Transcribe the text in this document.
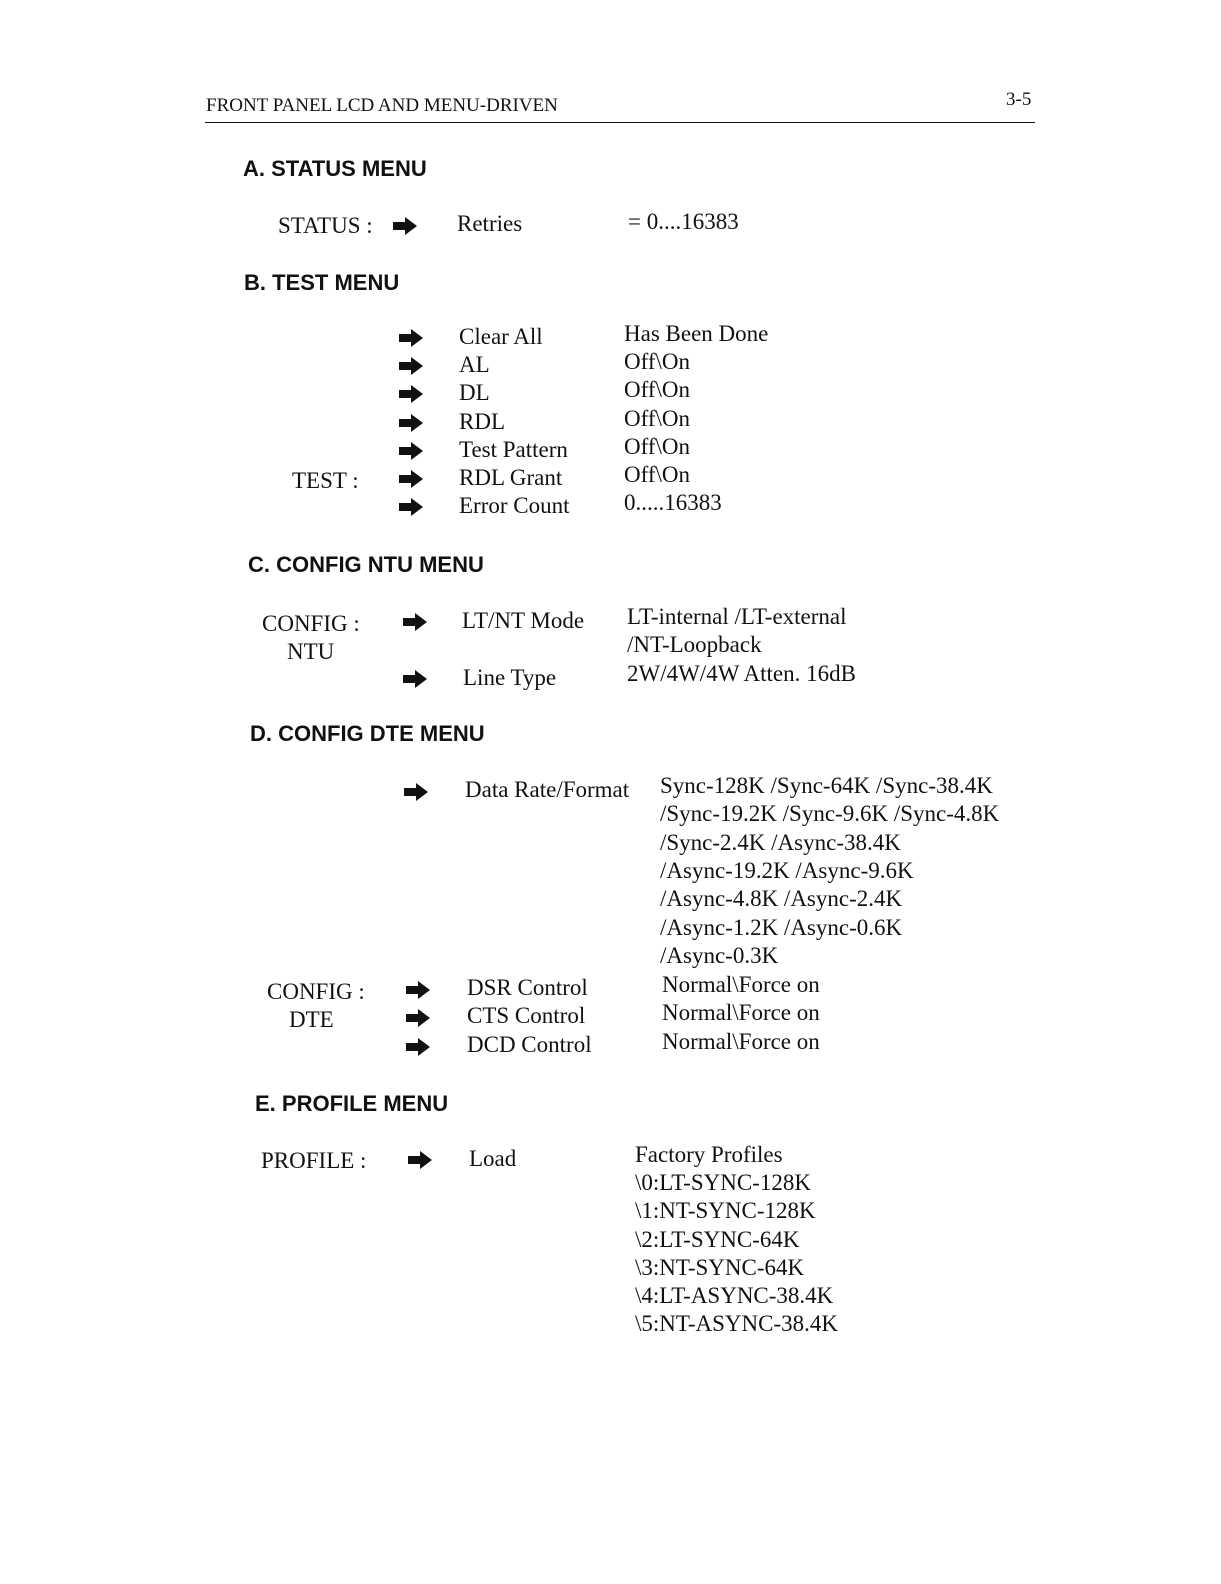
FRONT PANEL LCD AND MENU-DRIVEN	3-5
A. STATUS MENU
STATUS :	Retries	= 0....16383
B. TEST MENU
TEST :
Clear All	Has Been Done
AL	Off\On
DL	Off\On
RDL	Off\On
Test Pattern Off\On
RDL Grant	Off\On
Error Count 0.....16383
C. CONFIG NTU MENU
CONFIG :
NTU
LT/NT Mode LT-internal /LT-external
/NT-Loopback
Line Type	2W/4W/4W Atten. 16dB
D. CONFIG DTE MENU
Data Rate/Format Sync-128K /Sync-64K /Sync-38.4K
/Sync-19.2K /Sync-9.6K /Sync-4.8K
/Sync-2.4K /Async-38.4K
/Async-19.2K /Async-9.6K
/Async-4.8K /Async-2.4K
/Async-1.2K /Async-0.6K
/Async-0.3K
CONFIG :
DTE
DSR Control	Normal\Force on
CTS Control	Normal\Force on
DCD Control	Normal\Force on
E. PROFILE MENU
PROFILE :	Load	Factory Profiles
\0:LT-SYNC-128K
\1:NT-SYNC-128K
\2:LT-SYNC-64K
\3:NT-SYNC-64K
\4:LT-ASYNC-38.4K
\5:NT-ASYNC-38.4K
